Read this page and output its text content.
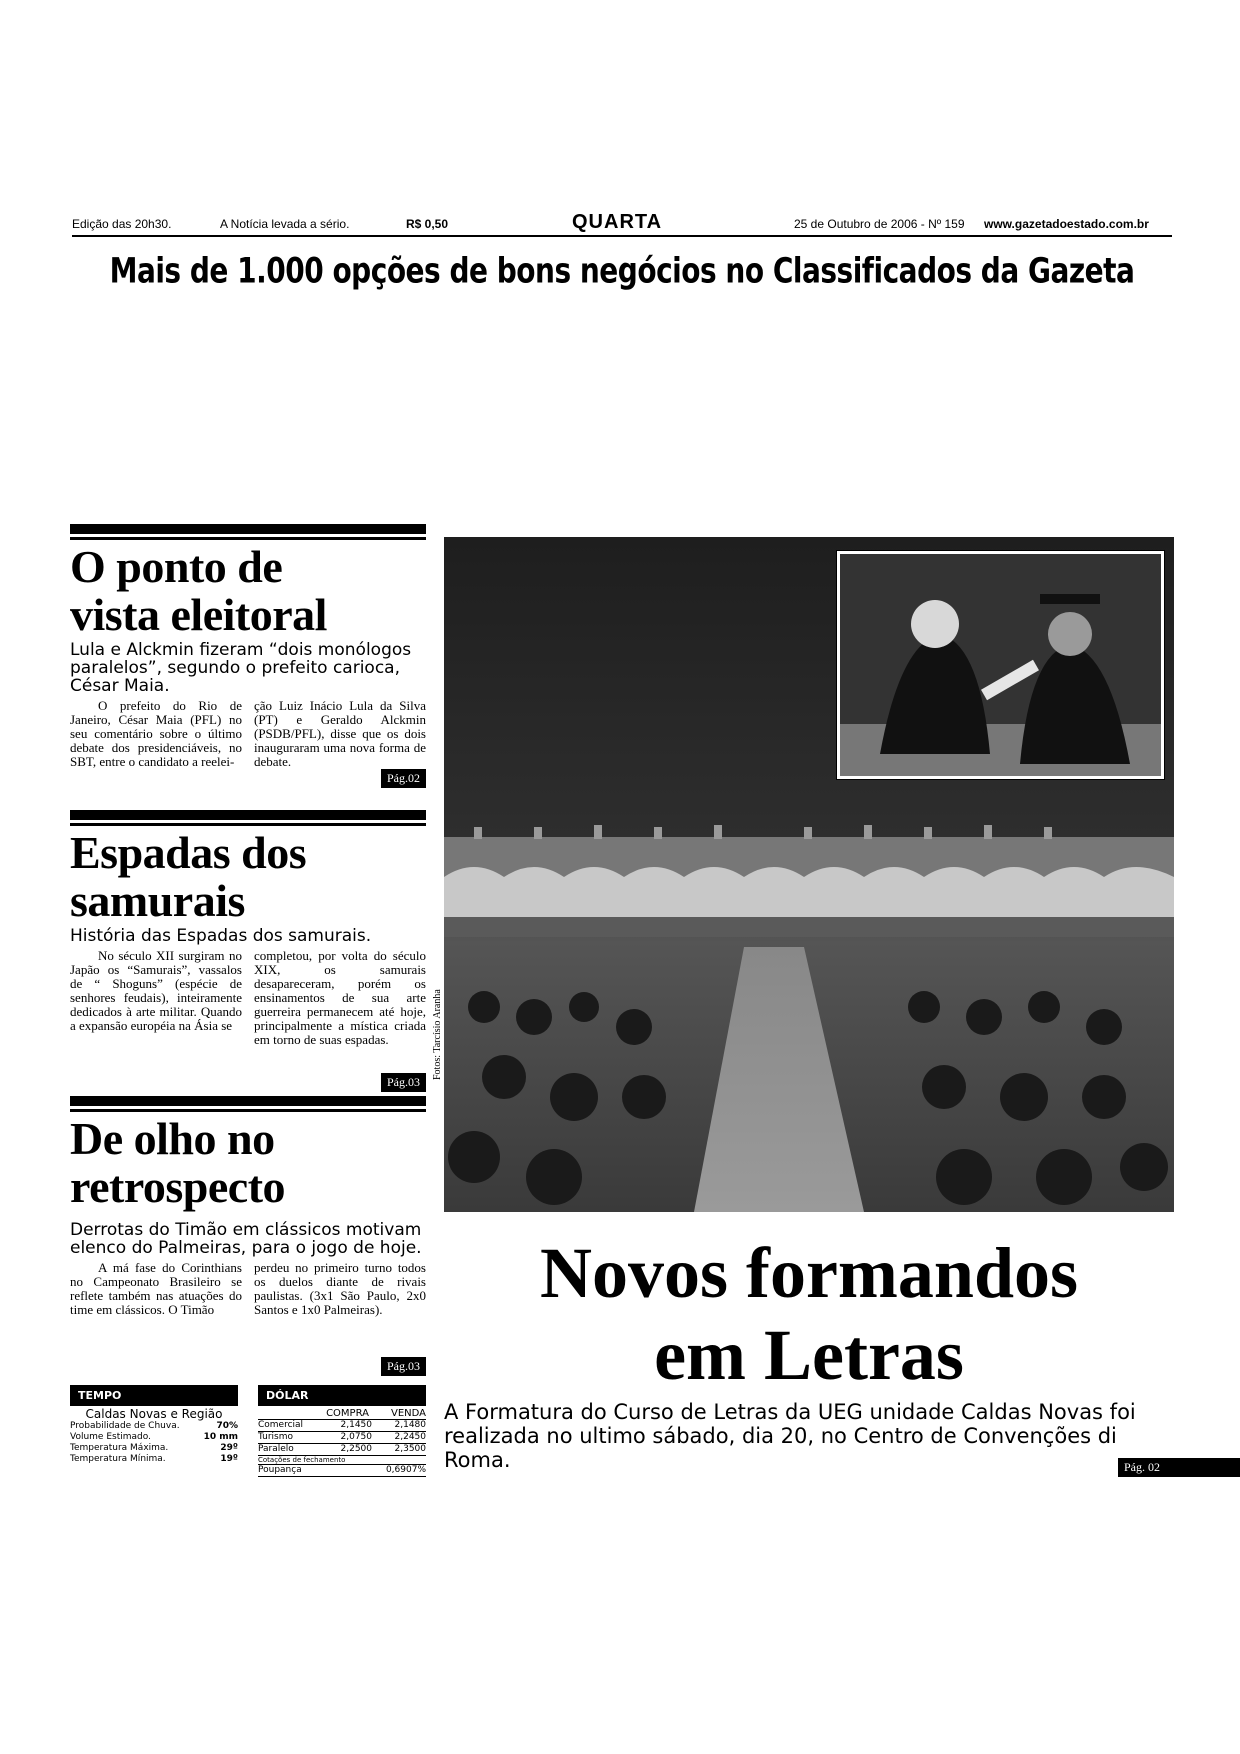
Edição das 20h30.	A Notícia levada a sério.	R$ 0,50	QUARTA	25 de Outubro de 2006 - Nº 159 www.gazetadoestado.com.br
Mais de 1.000 opções de bons negócios no Classificados da Gazeta
O ponto de
vista eleitoral
Lula e Alckmin fizeram “dois monólogos paralelos”, segundo o prefeito carioca, César Maia.

O prefeito do Rio de Janeiro, César Maia (PFL) no seu comentário sobre o último debate dos presidenciáveis, no SBT, entre o candidato a reelei-

ção Luiz Inácio Lula da Silva (PT) e Geraldo Alckmin (PSDB/PFL), disse que os dois inauguraram uma nova forma de debate.

Pág.02
Espadas dos
samurais
História das Espadas dos samurais.

No século XII surgiram no Japão os “Samurais”, vassalos de “ Shoguns” (espécie de senhores feudais), inteiramente dedicados à arte militar. Quando a expansão européia na Ásia se

completou, por volta do século XIX, os samurais desapareceram, porém os ensinamentos de sua arte guerreira permanecem até hoje, principalmente a mística criada em torno de suas espadas.

Pág.03
De olho no
retrospecto
Derrotas do Timão em clássicos motivam elenco do Palmeiras, para o jogo de hoje.

A má fase do Corinthians no Campeonato Brasileiro se reflete também nas atuações do time em clássicos. O Timão

perdeu no primeiro turno todos os duelos diante de rivais paulistas. (3x1 São Paulo, 2x0 Santos e 1x0 Palmeiras).

Pág.03
TEMPO
Caldas Novas e Região
Probabilidade de Chuva.	70%
Volume Estimado.	10 mm
Temperatura Máxima.	29º
Temperatura Mínima.	19º
DÓLAR
COMPRA VENDA
Comercial	2,1450	2,1480
Turismo	2,0750	2,2450
Paralelo	2,2500	2,3500
Cotações de fechamento
Poupança	0,6907%
Fotos: Tarcísio Aranha
Novos formandos
em Letras
A Formatura do Curso de Letras da UEG unidade Caldas Novas foi realizada no ultimo sábado, dia 20, no Centro de Convenções di Roma.	Pág. 02
